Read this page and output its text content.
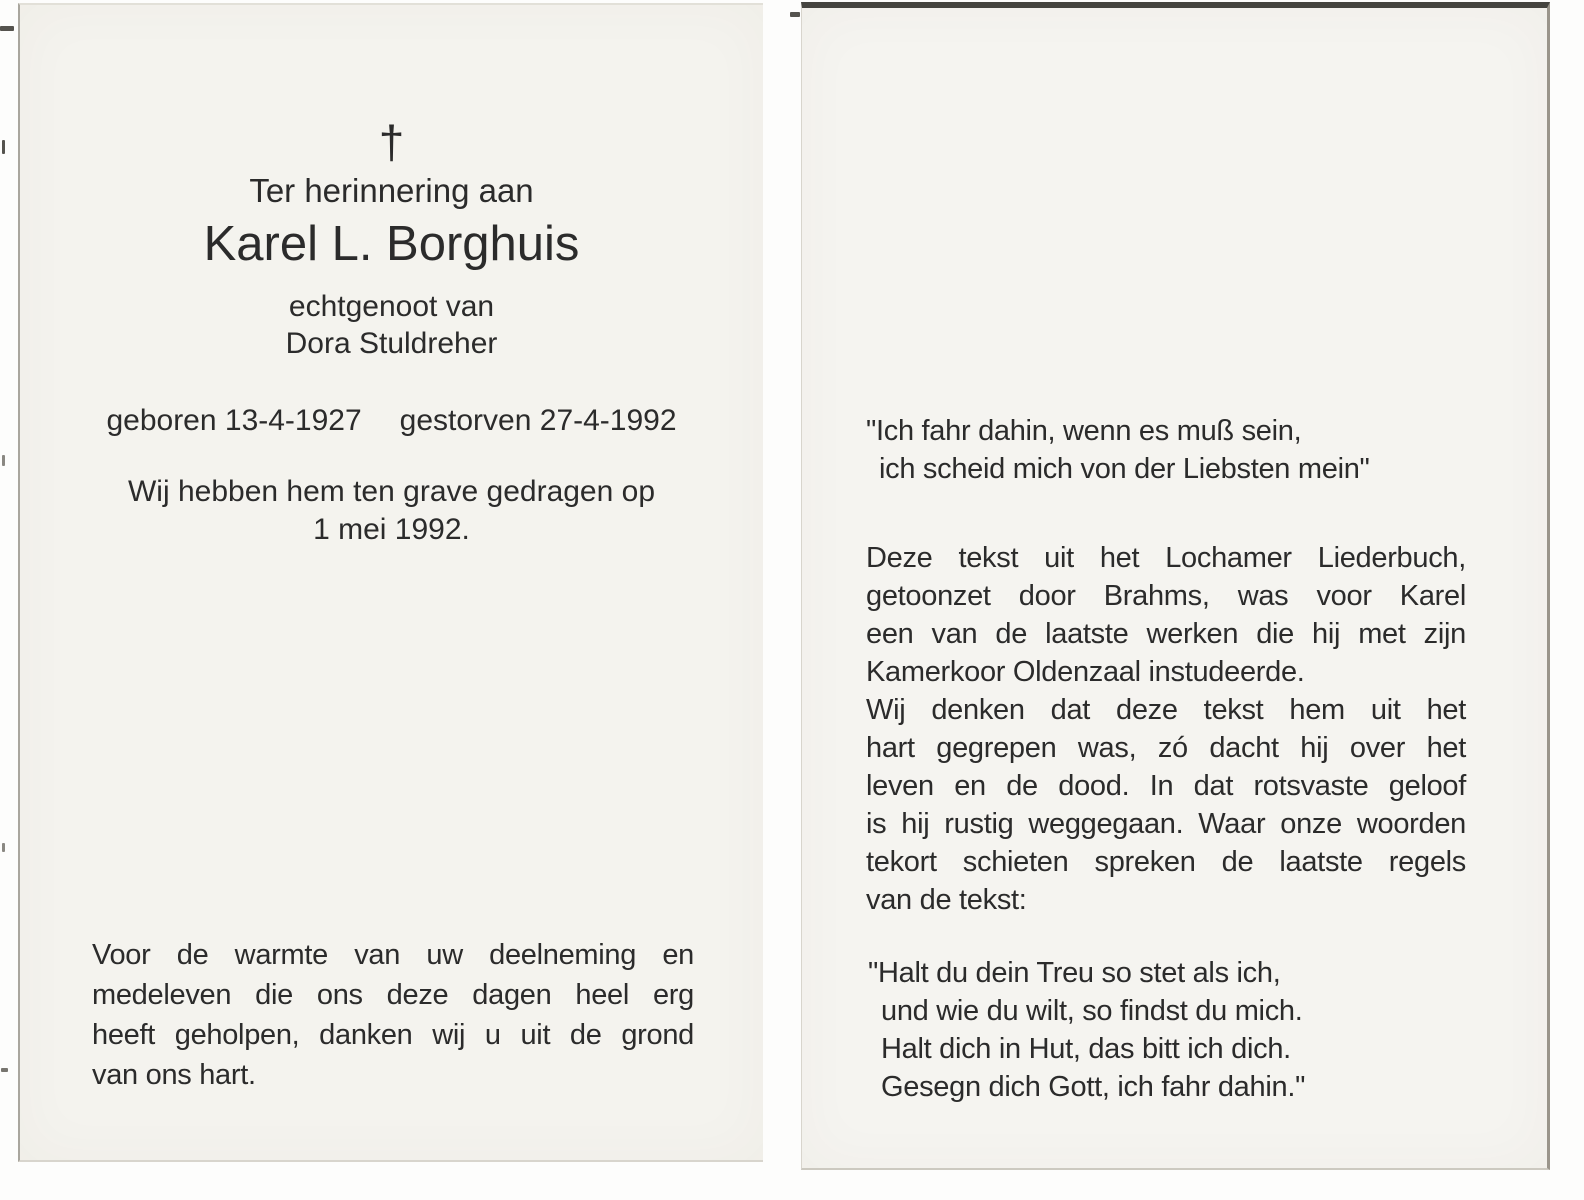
†
Ter herinnering aan
Karel L. Borghuis
echtgenoot van
Dora Stuldreher
geboren 13-4-1927 gestorven 27-4-1992
Wij hebben hem ten grave gedragen op
1 mei 1992.
Voor de warmte van uw deelneming en
medeleven die ons deze dagen heel erg
heeft geholpen, danken wij u uit de grond
van ons hart.
"Ich fahr dahin, wenn es muß sein,
ich scheid mich von der Liebsten mein"
Deze tekst uit het Lochamer Liederbuch,
getoonzet door Brahms, was voor Karel
een van de laatste werken die hij met zijn
Kamerkoor Oldenzaal instudeerde.
Wij denken dat deze tekst hem uit het
hart gegrepen was, zó dacht hij over het
leven en de dood. In dat rotsvaste geloof
is hij rustig weggegaan. Waar onze woorden
tekort schieten spreken de laatste regels
van de tekst:
"Halt du dein Treu so stet als ich,
und wie du wilt, so findst du mich.
Halt dich in Hut, das bitt ich dich.
Gesegn dich Gott, ich fahr dahin."
